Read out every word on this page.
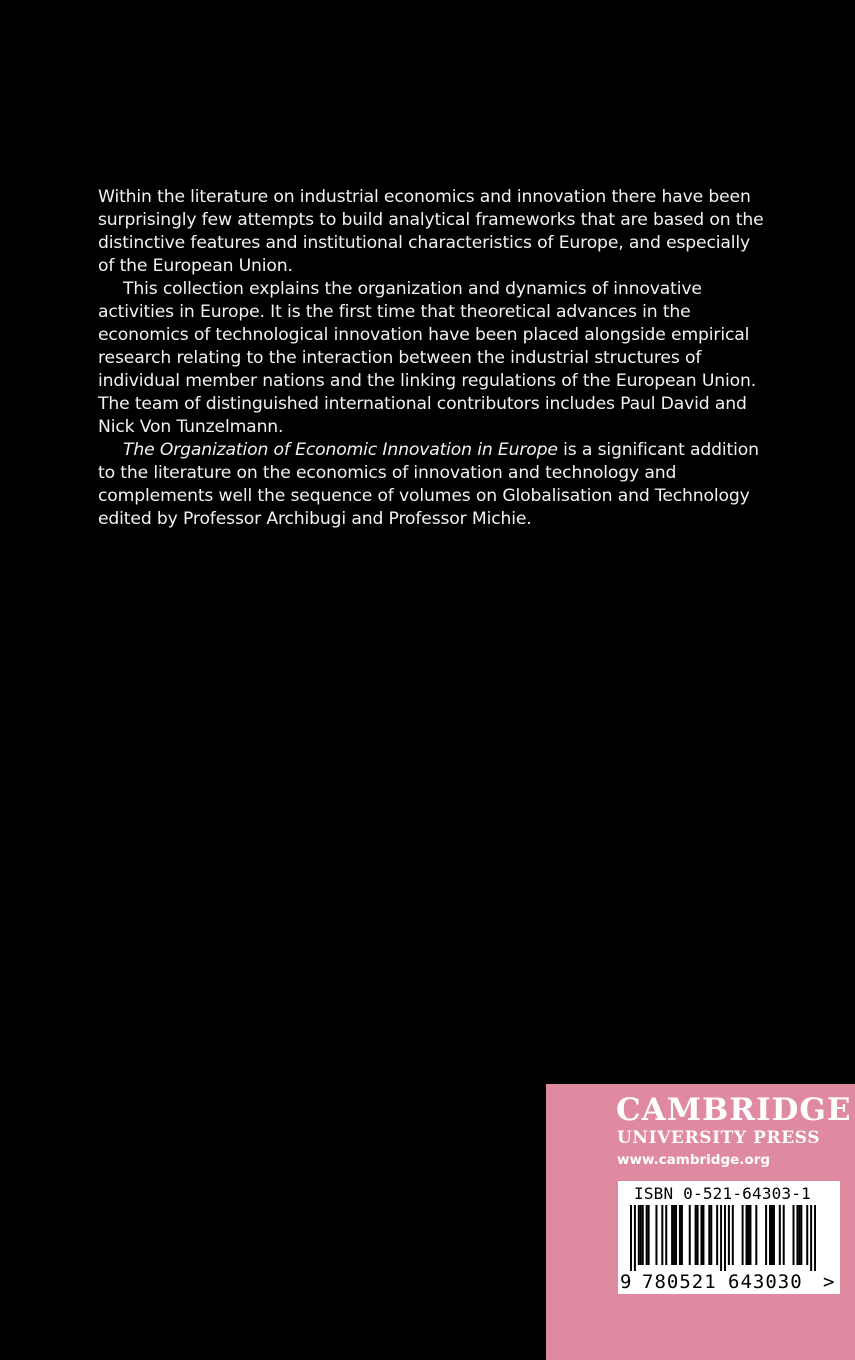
Within the literature on industrial economics and innovation there have been surprisingly few attempts to build analytical frameworks that are based on the distinctive features and institutional characteristics of Europe, and especially of the European Union.

This collection explains the organization and dynamics of innovative activities in Europe. It is the first time that theoretical advances in the economics of technological innovation have been placed alongside empirical research relating to the interaction between the industrial structures of individual member nations and the linking regulations of the European Union. The team of distinguished international contributors includes Paul David and Nick Von Tunzelmann.

The Organization of Economic Innovation in Europe is a significant addition to the literature on the economics of innovation and technology and complements well the sequence of volumes on Globalisation and Technology edited by Professor Archibugi and Professor Michie.

CAMBRIDGE
UNIVERSITY PRESS
www.cambridge.org
ISBN 0-521-64303-1
9 780521 643030 >
